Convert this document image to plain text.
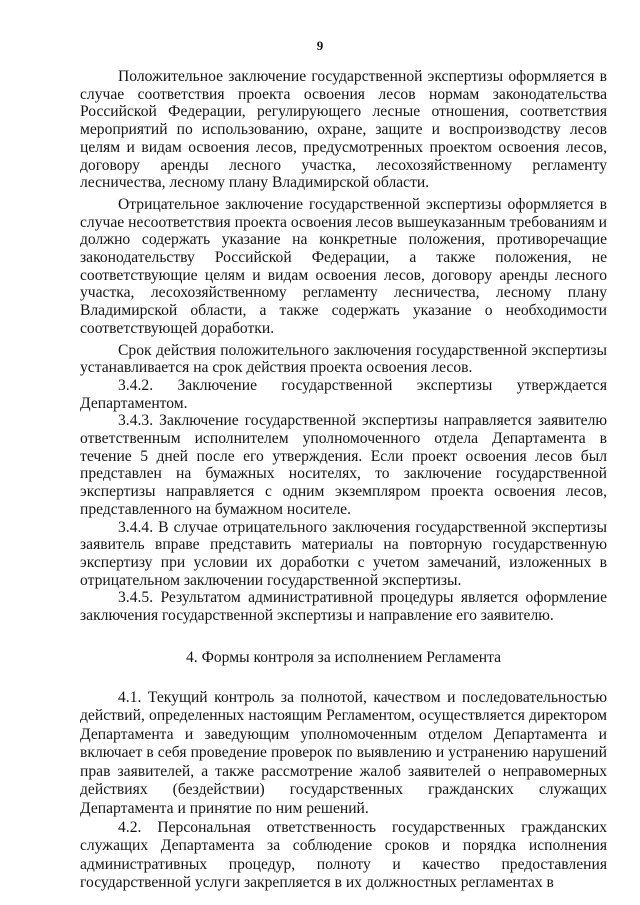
9

Положительное заключение государственной экспертизы оформляется в случае соответствия проекта освоения лесов нормам законодательства Российской Федерации, регулирующего лесные отношения, соответствия мероприятий по использованию, охране, защите и воспроизводству лесов целям и видам освоения лесов, предусмотренных проектом освоения лесов, договору аренды лесного участка, лесохозяйственному регламенту лесничества, лесному плану Владимирской области.

Отрицательное заключение государственной экспертизы оформляется в случае несоответствия проекта освоения лесов вышеуказанным требованиям и должно содержать указание на конкретные положения, противоречащие законодательству Российской Федерации, а также положения, не соответствующие целям и видам освоения лесов, договору аренды лесного участка, лесохозяйственному регламенту лесничества, лесному плану Владимирской области, а также содержать указание о необходимости соответствующей доработки.

Срок действия положительного заключения государственной экспертизы устанавливается на срок действия проекта освоения лесов.

3.4.2. Заключение государственной экспертизы утверждается Департаментом.

3.4.3. Заключение государственной экспертизы направляется заявителю ответственным исполнителем уполномоченного отдела Департамента в течение 5 дней после его утверждения. Если проект освоения лесов был представлен на бумажных носителях, то заключение государственной экспертизы направляется с одним экземпляром проекта освоения лесов, представленного на бумажном носителе.

3.4.4. В случае отрицательного заключения государственной экспертизы заявитель вправе представить материалы на повторную государственную экспертизу при условии их доработки с учетом замечаний, изложенных в отрицательном заключении государственной экспертизы.

3.4.5. Результатом административной процедуры является оформление заключения государственной экспертизы и направление его заявителю.

4. Формы контроля за исполнением Регламента

4.1. Текущий контроль за полнотой, качеством и последовательностью действий, определенных настоящим Регламентом, осуществляется директором Департамента и заведующим уполномоченным отделом Департамента и включает в себя проведение проверок по выявлению и устранению нарушений прав заявителей, а также рассмотрение жалоб заявителей о неправомерных действиях (бездействии) государственных гражданских служащих Департамента и принятие по ним решений.

4.2. Персональная ответственность государственных гражданских служащих Департамента за соблюдение сроков и порядка исполнения административных процедур, полноту и качество предоставления государственной услуги закрепляется в их должностных регламентах в
